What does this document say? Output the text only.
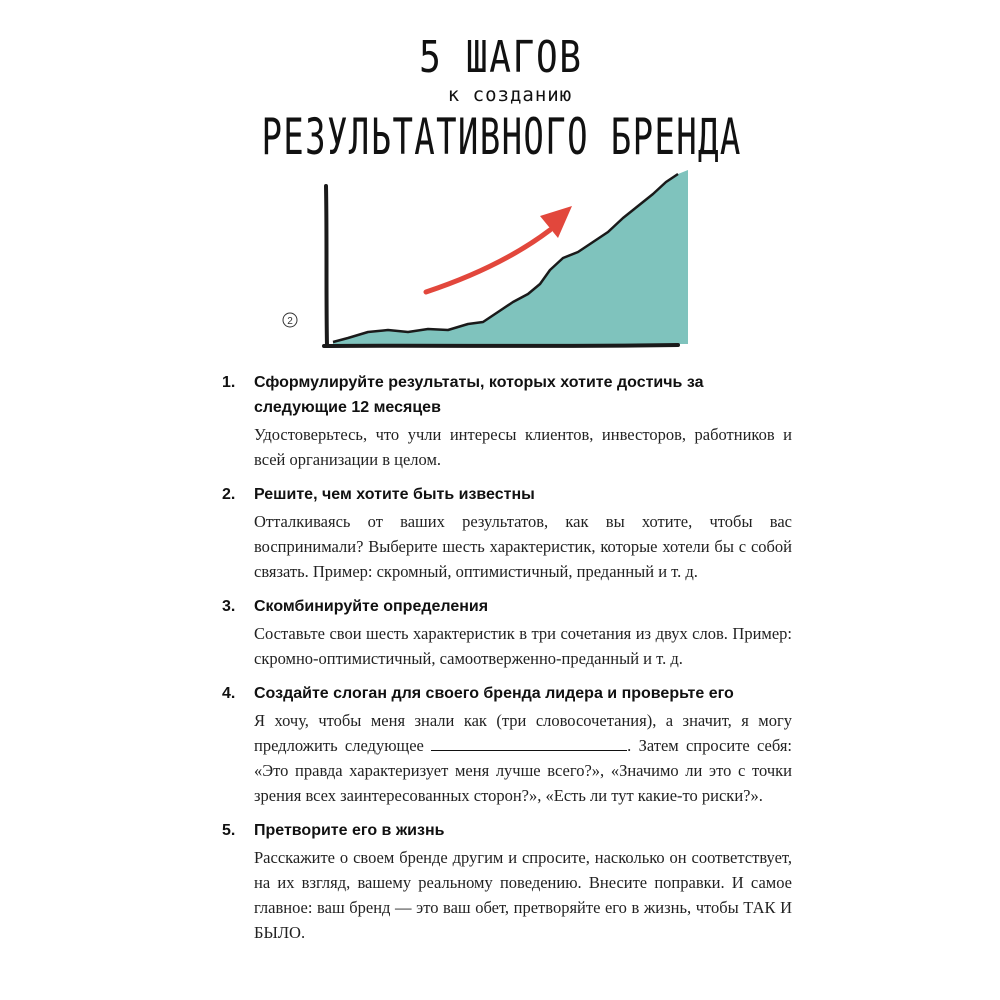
5 ШАГОВ
к созданию
РЕЗУЛЬТАТИВНОГО БРЕНДА
2
1. Сформулируйте результаты, которых хотите достичь за следующие 12 месяцев

Удостоверьтесь, что учли интересы клиентов, инвесторов, работников и всей организации в целом.

2. Решите, чем хотите быть известны

Отталкиваясь от ваших результатов, как вы хотите, чтобы вас воспринимали? Выберите шесть характеристик, которые хотели бы с собой связать. Пример: скромный, оптимистичный, преданный и т. д.

3. Скомбинируйте определения

Составьте свои шесть характеристик в три сочетания из двух слов. Пример: скромно-оптимистичный, самоотверженно-преданный и т. д.

4. Создайте слоган для своего бренда лидера и проверьте его

Я хочу, чтобы меня знали как (три словосочетания), а значит, я могу предложить следующее	. Затем спросите себя: «Это правда характеризует меня лучше всего?», «Значимо ли это с точки зрения всех заинтересованных сторон?», «Есть ли тут какие-то риски?».

5. Претворите его в жизнь

Расскажите о своем бренде другим и спросите, насколько он соответствует, на их взгляд, вашему реальному поведению. Внесите поправки. И самое главное: ваш бренд — это ваш обет, претворяйте его в жизнь, чтобы ТАК И БЫЛО.
